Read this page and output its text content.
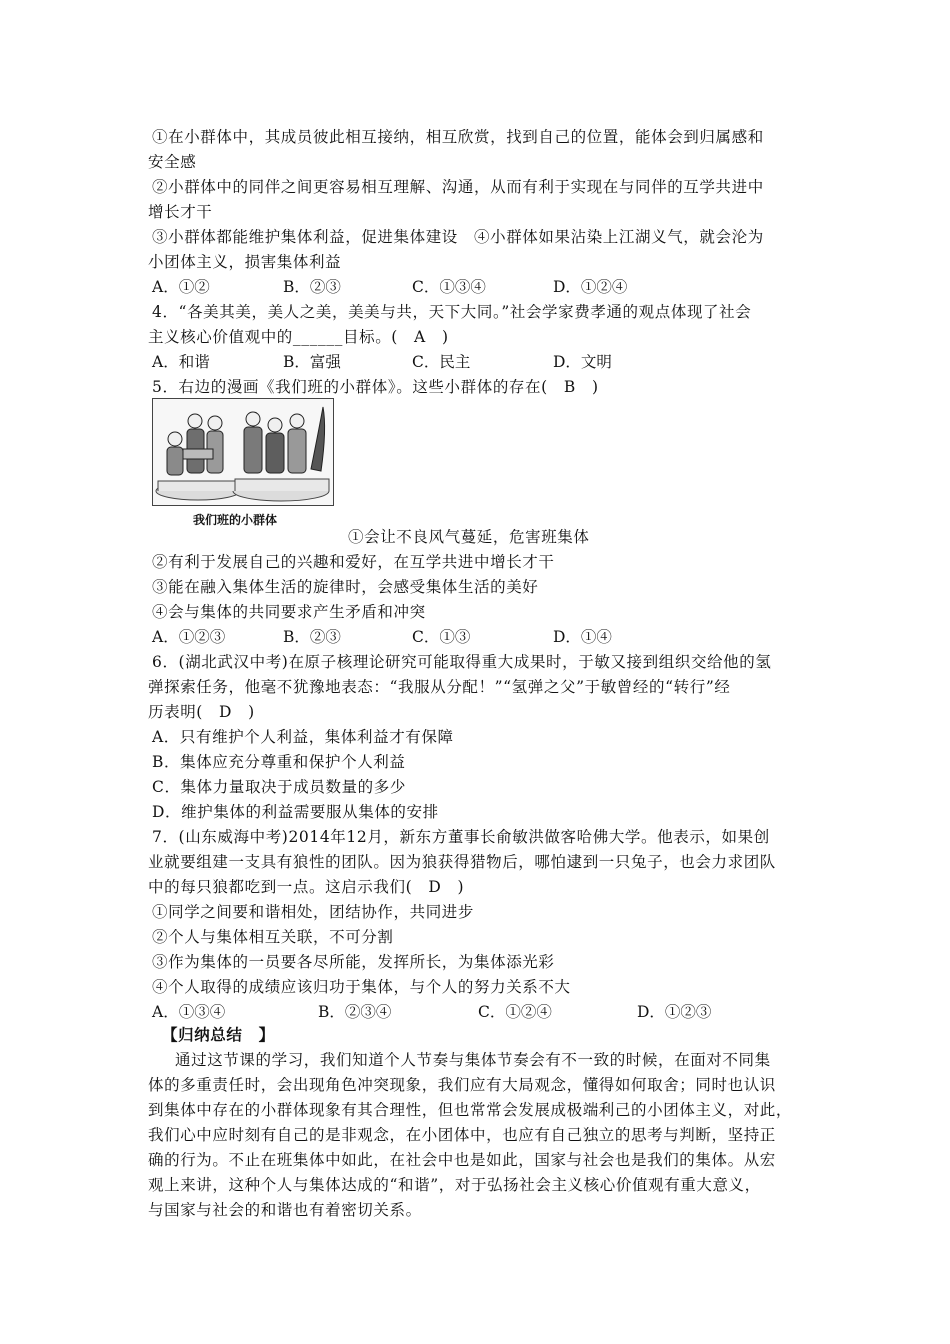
①在小群体中，其成员彼此相互接纳，相互欣赏，找到自己的位置，能体会到归属感和
安全感
②小群体中的同伴之间更容易相互理解、沟通，从而有利于实现在与同伴的互学共进中
增长才干
③小群体都能维护集体利益，促进集体建设　④小群体如果沾染上江湖义气，就会沦为
小团体主义，损害集体利益
A．①②	B．②③	C．①③④	D．①②④
4．“各美其美，美人之美，美美与共，天下大同。”社会学家费孝通的观点体现了社会
主义核心价值观中的______目标。(　A　)
A．和谐	B．富强	C．民主	D．文明
5．右边的漫画《我们班的小群体》。这些小群体的存在(　B　)
我们班的小群体
①会让不良风气蔓延，危害班集体
②有利于发展自己的兴趣和爱好，在互学共进中增长才干
③能在融入集体生活的旋律时，会感受集体生活的美好
④会与集体的共同要求产生矛盾和冲突
A．①②③	B．②③	C．①③	D．①④
6．(湖北武汉中考)在原子核理论研究可能取得重大成果时，于敏又接到组织交给他的氢
弹探索任务，他毫不犹豫地表态：“我服从分配！”“氢弹之父”于敏曾经的“转行”经
历表明(　D　)
A．只有维护个人利益，集体利益才有保障
B．集体应充分尊重和保护个人利益
C．集体力量取决于成员数量的多少
D．维护集体的利益需要服从集体的安排
7．(山东威海中考)2014年12月，新东方董事长俞敏洪做客哈佛大学。他表示，如果创
业就要组建一支具有狼性的团队。因为狼获得猎物后，哪怕逮到一只兔子，也会力求团队
中的每只狼都吃到一点。这启示我们(　D　)
①同学之间要和谐相处，团结协作，共同进步
②个人与集体相互关联，不可分割
③作为集体的一员要各尽所能，发挥所长，为集体添光彩
④个人取得的成绩应该归功于集体，与个人的努力关系不大
A．①③④	B．②③④	C．①②④	D．①②③
【归纳总结　】
通过这节课的学习，我们知道个人节奏与集体节奏会有不一致的时候，在面对不同集
体的多重责任时，会出现角色冲突现象，我们应有大局观念，懂得如何取舍；同时也认识
到集体中存在的小群体现象有其合理性，但也常常会发展成极端利己的小团体主义，对此，
我们心中应时刻有自己的是非观念，在小团体中，也应有自己独立的思考与判断，坚持正
确的行为。不止在班集体中如此，在社会中也是如此，国家与社会也是我们的集体。从宏
观上来讲，这种个人与集体达成的“和谐”，对于弘扬社会主义核心价值观有重大意义，
与国家与社会的和谐也有着密切关系。
